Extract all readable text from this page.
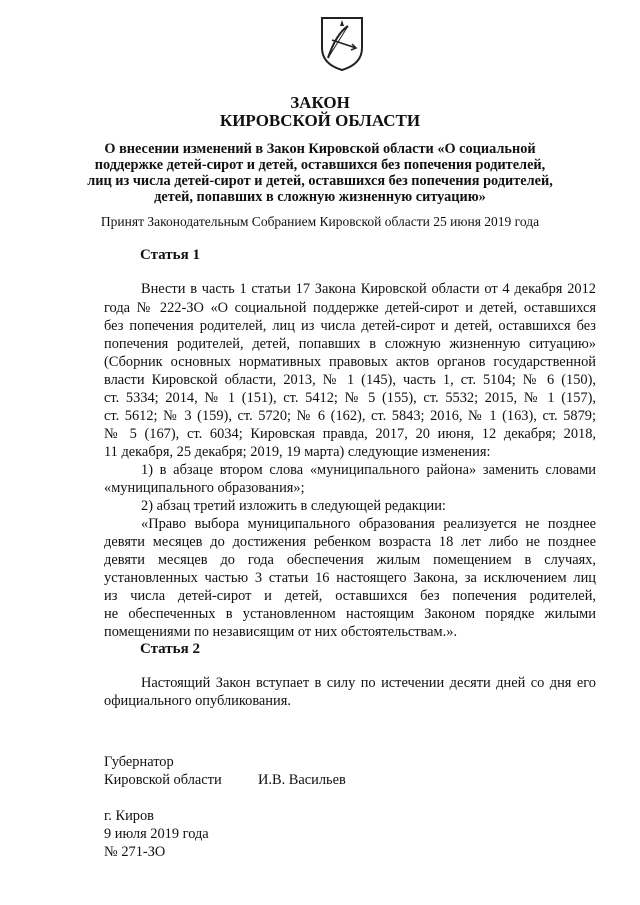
ЗАКОН
КИРОВСКОЙ ОБЛАСТИ
О внесении изменений в Закон Кировской области «О социальной
поддержке детей-сирот и детей, оставшихся без попечения родителей,
лиц из числа детей-сирот и детей, оставшихся без попечения родителей,
детей, попавших в сложную жизненную ситуацию»
Принят Законодательным Собранием Кировской области 25 июня 2019 года
Статья 1
Внести в часть 1 статьи 17 Закона Кировской области от 4 декабря 2012
года № 222-ЗО «О социальной поддержке детей-сирот и детей, оставшихся
без попечения родителей, лиц из числа детей-сирот и детей, оставшихся без
попечения родителей, детей, попавших в сложную жизненную ситуацию»
(Сборник основных нормативных правовых актов органов государственной
власти Кировской области, 2013, № 1 (145), часть 1, ст. 5104; № 6 (150),
ст. 5334; 2014, № 1 (151), ст. 5412; № 5 (155), ст. 5532; 2015, № 1 (157),
ст. 5612; № 3 (159), ст. 5720; № 6 (162), ст. 5843; 2016, № 1 (163), ст. 5879;
№ 5 (167), ст. 6034; Кировская правда, 2017, 20 июня, 12 декабря; 2018,
11 декабря, 25 декабря; 2019, 19 марта) следующие изменения:
1) в абзаце втором слова «муниципального района» заменить словами
«муниципального образования»;
2) абзац третий изложить в следующей редакции:
«Право выбора муниципального образования реализуется не позднее
девяти месяцев до достижения ребенком возраста 18 лет либо не позднее
девяти месяцев до года обеспечения жилым помещением в случаях,
установленных частью 3 статьи 16 настоящего Закона, за исключением лиц
из числа детей-сирот и детей, оставшихся без попечения родителей,
не обеспеченных в установленном настоящим Законом порядке жилыми
помещениями по независящим от них обстоятельствам.».
Статья 2
Настоящий Закон вступает в силу по истечении десяти дней со дня его
официального опубликования.
Губернатор
Кировской области	И.В. Васильев
г. Киров
9 июля 2019 года
№ 271-ЗО
